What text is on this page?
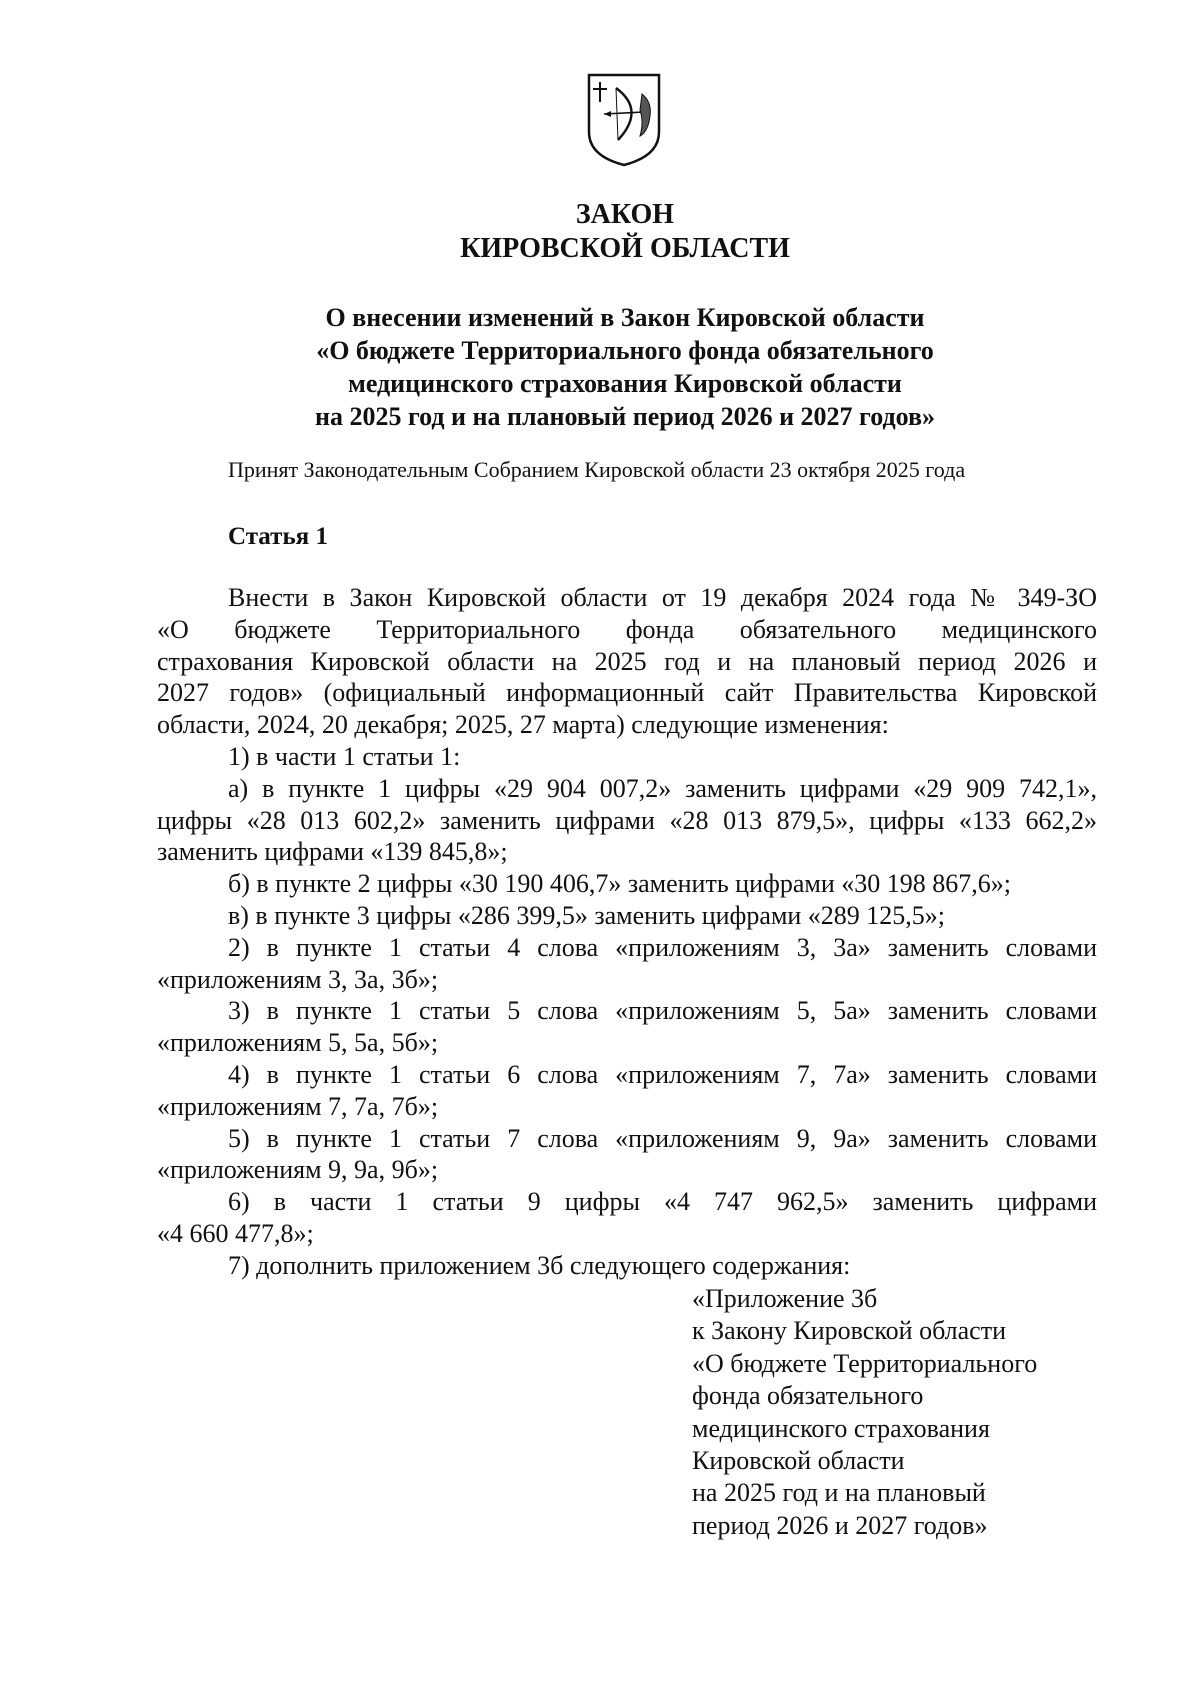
ЗАКОН
КИРОВСКОЙ ОБЛАСТИ
О внесении изменений в Закон Кировской области
«О бюджете Территориального фонда обязательного
медицинского страхования Кировской области
на 2025 год и на плановый период 2026 и 2027 годов»
Принят Законодательным Собранием Кировской области 23 октября 2025 года
Статья 1

Внести в Закон Кировской области от 19 декабря 2024 года № 349-ЗО

«О бюджете Территориального фонда обязательного медицинского

страхования Кировской области на 2025 год и на плановый период 2026 и

2027 годов» (официальный информационный сайт Правительства Кировской

области, 2024, 20 декабря; 2025, 27 марта) следующие изменения:

1) в части 1 статьи 1:

а) в пункте 1 цифры «29 904 007,2» заменить цифрами «29 909 742,1»,

цифры «28 013 602,2» заменить цифрами «28 013 879,5», цифры «133 662,2»

заменить цифрами «139 845,8»;

б) в пункте 2 цифры «30 190 406,7» заменить цифрами «30 198 867,6»;

в) в пункте 3 цифры «286 399,5» заменить цифрами «289 125,5»;

2) в пункте 1 статьи 4 слова «приложениям 3, 3а» заменить словами

«приложениям 3, 3а, 3б»;

3) в пункте 1 статьи 5 слова «приложениям 5, 5а» заменить словами

«приложениям 5, 5а, 5б»;

4) в пункте 1 статьи 6 слова «приложениям 7, 7а» заменить словами

«приложениям 7, 7а, 7б»;

5) в пункте 1 статьи 7 слова «приложениям 9, 9а» заменить словами

«приложениям 9, 9а, 9б»;

6) в части 1 статьи 9 цифры «4 747 962,5» заменить цифрами

«4 660 477,8»;

7) дополнить приложением 3б следующего содержания:

«Приложение 3б
к Закону Кировской области
«О бюджете Территориального
фонда обязательного
медицинского страхования
Кировской области
на 2025 год и на плановый
период 2026 и 2027 годов»
